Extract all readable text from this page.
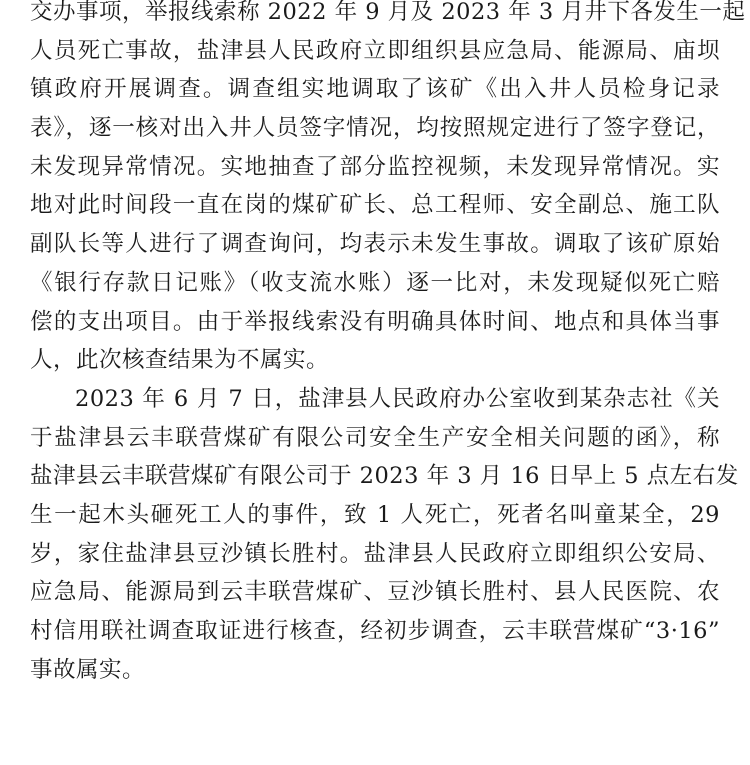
交办事项，举报线索称 2022 年 9 月及 2023 年 3 月井下各发生一起
人员死亡事故，盐津县人民政府立即组织县应急局、能源局、庙坝
镇政府开展调查。调查组实地调取了该矿《出入井人员检身记录
表》，逐一核对出入井人员签字情况，均按照规定进行了签字登记，
未发现异常情况。实地抽查了部分监控视频，未发现异常情况。实
地对此时间段一直在岗的煤矿矿长、总工程师、安全副总、施工队
副队长等人进行了调查询问，均表示未发生事故。调取了该矿原始
《银行存款日记账》（收支流水账）逐一比对，未发现疑似死亡赔
偿的支出项目。由于举报线索没有明确具体时间、地点和具体当事
人，此次核查结果为不属实。
2023 年 6 月 7 日，盐津县人民政府办公室收到某杂志社《关
于盐津县云丰联营煤矿有限公司安全生产安全相关问题的函》，称
盐津县云丰联营煤矿有限公司于 2023 年 3 月 16 日早上 5 点左右发
生一起木头砸死工人的事件，致 1 人死亡，死者名叫童某全，29
岁，家住盐津县豆沙镇长胜村。盐津县人民政府立即组织公安局、
应急局、能源局到云丰联营煤矿、豆沙镇长胜村、县人民医院、农
村信用联社调查取证进行核查，经初步调查，云丰联营煤矿“3·16”
事故属实。
